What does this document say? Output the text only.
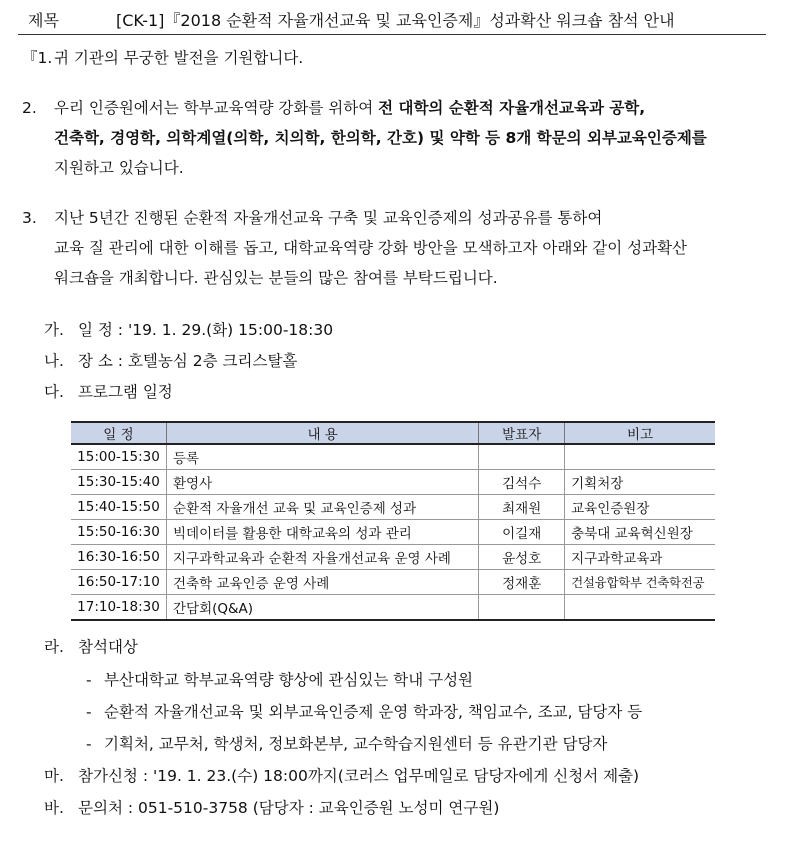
제목	[CK-1]『2018 순환적 자율개선교육 및 교육인증제』성과확산 워크숍 참석 안내
『1. 귀 기관의 무궁한 발전을 기원합니다.
2. 우리 인증원에서는 학부교육역량 강화를 위하여 전 대학의 순환적 자율개선교육과 공학,
건축학, 경영학, 의학계열(의학, 치의학, 한의학, 간호) 및 약학 등 8개 학문의 외부교육인증제를
지원하고 있습니다.
3. 지난 5년간 진행된 순환적 자율개선교육 구축 및 교육인증제의 성과공유를 통하여
교육 질 관리에 대한 이해를 돕고, 대학교육역량 강화 방안을 모색하고자 아래와 같이 성과확산
워크숍을 개최합니다. 관심있는 분들의 많은 참여를 부탁드립니다.
가. 일 정 : '19. 1. 29.(화) 15:00-18:30
나. 장 소 : 호텔농심 2층 크리스탈홀
다. 프로그램 일정
일 정	내 용	발표자	비고
15:00-15:30	등록		
15:30-15:40	환영사	김석수	기획처장
15:40-15:50	순환적 자율개선 교육 및 교육인증제 성과	최재원	교육인증원장
15:50-16:30	빅데이터를 활용한 대학교육의 성과 관리	이길재	충북대 교육혁신원장
16:30-16:50	지구과학교육과 순환적 자율개선교육 운영 사례	윤성호	지구과학교육과
16:50-17:10	건축학 교육인증 운영 사례	정재훈	건설융합학부 건축학전공
17:10-18:30	간담회(Q&A)		
라. 참석대상
- 부산대학교 학부교육역량 향상에 관심있는 학내 구성원
- 순환적 자율개선교육 및 외부교육인증제 운영 학과장, 책임교수, 조교, 담당자 등
- 기획처, 교무처, 학생처, 정보화본부, 교수학습지원센터 등 유관기관 담당자
마. 참가신청 : '19. 1. 23.(수) 18:00까지(코러스 업무메일로 담당자에게 신청서 제출)
바. 문의처 : 051-510-3758 (담당자 : 교육인증원 노성미 연구원)
